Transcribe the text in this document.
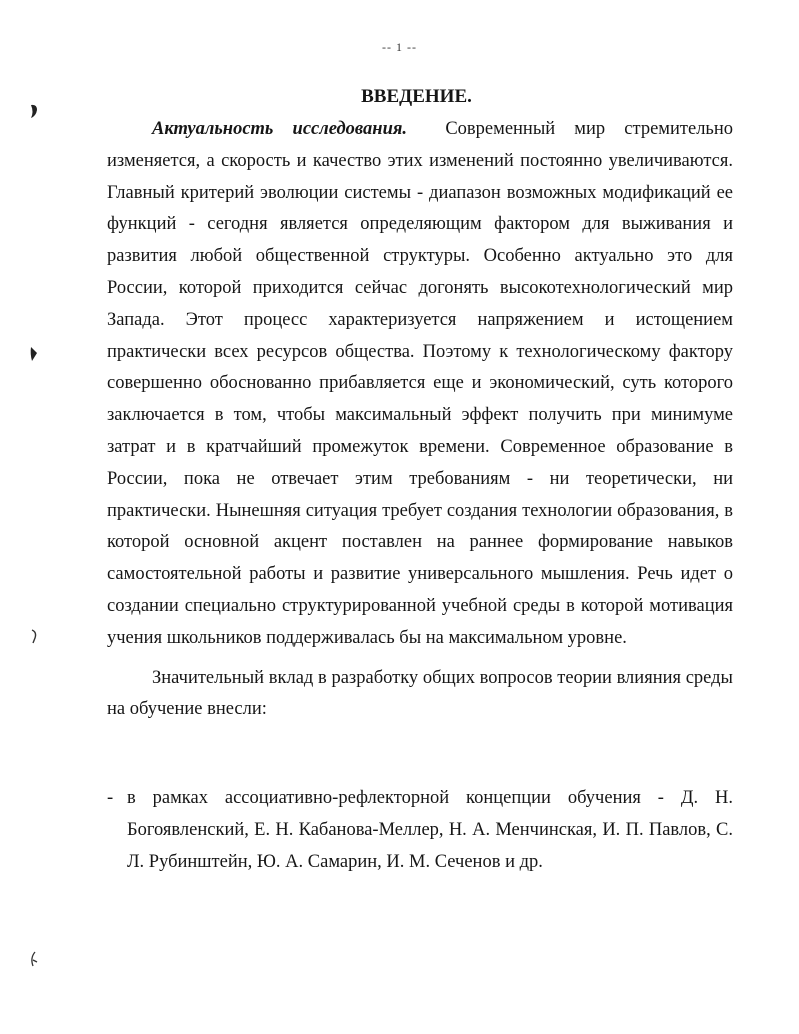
-- 1 --
ВВЕДЕНИЕ.

Актуальность исследования. Современный мир стремительно изменяется, а скорость и качество этих изменений постоянно увеличиваются. Главный критерий эволюции системы - диапазон возможных модификаций ее функций - сегодня является определяющим фактором для выживания и развития любой общественной структуры. Особенно актуально это для России, которой приходится сейчас догонять высокотехнологический мир Запада. Этот процесс характеризуется напряжением и истощением практически всех ресурсов общества. Поэтому к технологическому фактору совершенно обоснованно прибавляется еще и экономический, суть которого заключается в том, чтобы максимальный эффект получить при минимуме затрат и в кратчайший промежуток времени. Современное образование в России, пока не отвечает этим требованиям - ни теоретически, ни практически. Нынешняя ситуация требует создания технологии образования, в которой основной акцент поставлен на раннее формирование навыков самостоятельной работы и развитие универсального мышления. Речь идет о создании специально структурированной учебной среды в которой мотивация учения школьников поддерживалась бы на максимальном уровне.

Значительный вклад в разработку общих вопросов теории влияния среды на обучение внесли:

- в рамках ассоциативно-рефлекторной концепции обучения - Д. Н. Богоявленский, Е. Н. Кабанова-Меллер, Н. А. Менчинская, И. П. Павлов, С. Л. Рубинштейн, Ю. А. Самарин, И. М. Сеченов и др.
